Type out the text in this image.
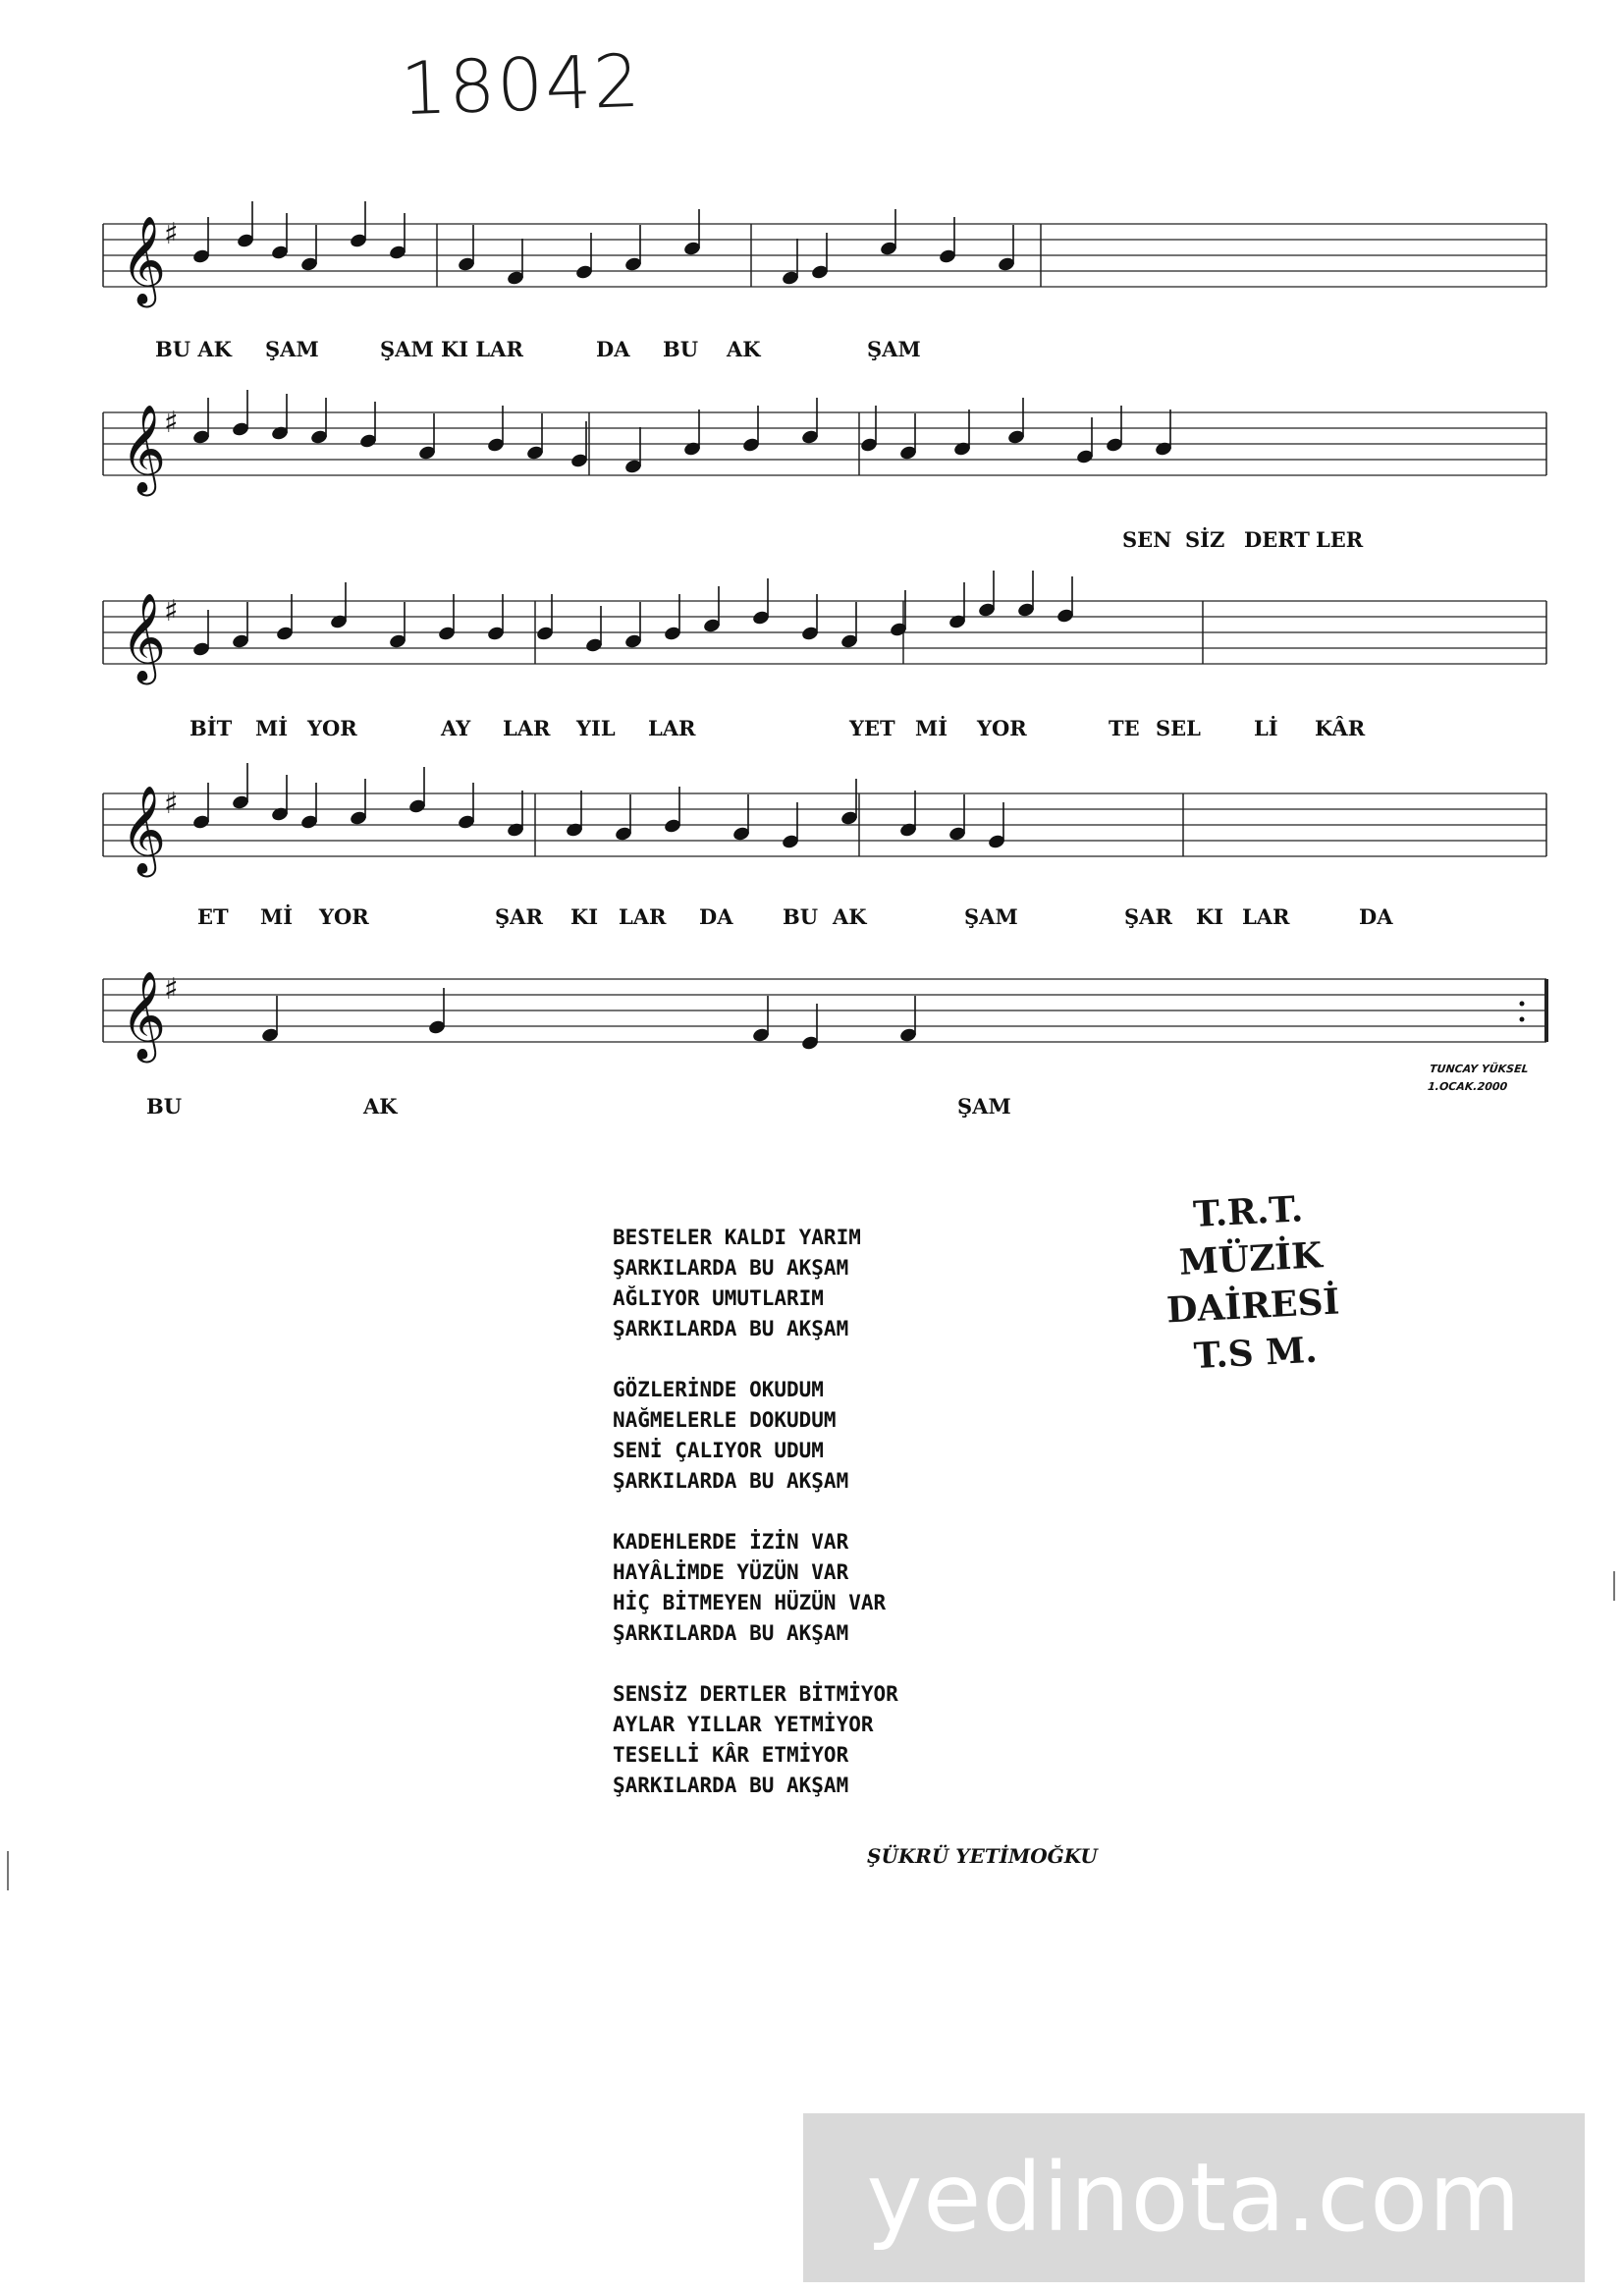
18042
𝄞
♯
BU AK ŞAM	ŞAM KI LAR	DA BU AK	ŞAM
𝄞
♯
SEN SİZ DERT LER
𝄞
♯
BİT Mİ YOR	AY LAR YIL LAR	YET Mİ YOR	TE SEL	Lİ KÂR
𝄞
♯
ET Mİ YOR	ŞAR KI LAR DA BU AK	ŞAM	ŞAR KI LAR	DA
𝄞
♯
BU	AK	ŞAM
TUNCAY YÜKSEL
1.OCAK.2000
BESTELER KALDI YARIM
ŞARKILARDA BU AKŞAM
AĞLIYOR UMUTLARIM
ŞARKILARDA BU AKŞAM
GÖZLERİNDE OKUDUM
NAĞMELERLE DOKUDUM
SENİ ÇALIYOR UDUM
ŞARKILARDA BU AKŞAM
KADEHLERDE İZİN VAR
HAYÂLİMDE YÜZÜN VAR
HİÇ BİTMEYEN HÜZÜN VAR
ŞARKILARDA BU AKŞAM
SENSİZ DERTLER BİTMİYOR
AYLAR YILLAR YETMİYOR
TESELLİ KÂR ETMİYOR
ŞARKILARDA BU AKŞAM
ŞÜKRÜ YETİMOĞKU
T.R.T.
MÜZİK DAİRESİ
T.S M.
yedinota.com
